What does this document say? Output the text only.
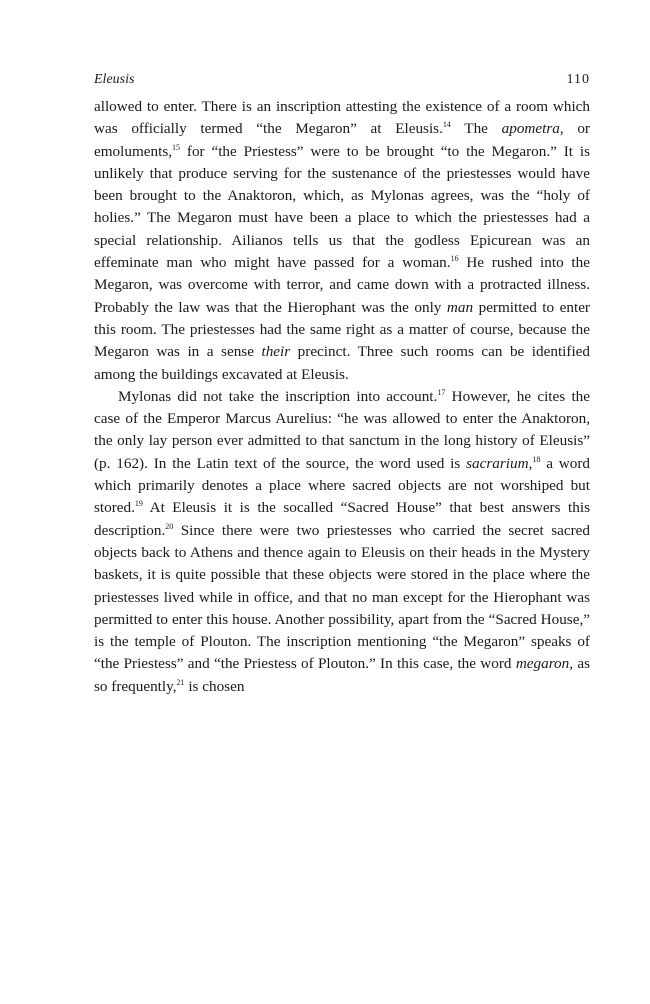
Eleusis	110

allowed to enter. There is an inscription attesting the existence of a room which was officially termed “the Megaron” at Eleusis.$^{14}$ The apometra, or emoluments,$^{15}$ for “the Priestess” were to be brought “to the Megaron.” It is unlikely that produce serving for the sustenance of the priestesses would have been brought to the Anaktoron, which, as Mylonas agrees, was the “holy of holies.” The Megaron must have been a place to which the priestesses had a special relationship. Ailianos tells us that the godless Epicurean was an effeminate man who might have passed for a woman.$^{16}$ He rushed into the Megaron, was overcome with terror, and came down with a protracted illness. Probably the law was that the Hierophant was the only man permitted to enter this room. The priestesses had the same right as a matter of course, because the Megaron was in a sense their precinct. Three such rooms can be identified among the buildings excavated at Eleusis.

Mylonas did not take the inscription into account.$^{17}$ However, he cites the case of the Emperor Marcus Aurelius: “he was allowed to enter the Anaktoron, the only lay person ever admitted to that sanctum in the long history of Eleusis” (p. 162). In the Latin text of the source, the word used is sacrarium,$^{18}$ a word which primarily denotes a place where sacred objects are not worshiped but stored.$^{19}$ At Eleusis it is the socalled “Sacred House” that best answers this description.$^{20}$ Since there were two priestesses who carried the secret sacred objects back to Athens and thence again to Eleusis on their heads in the Mystery baskets, it is quite possible that these objects were stored in the place where the priestesses lived while in office, and that no man except for the Hierophant was permitted to enter this house. Another possibility, apart from the “Sacred House,” is the temple of Plouton. The inscription mentioning “the Megaron” speaks of “the Priestess” and “the Priestess of Plouton.” In this case, the word megaron, as so frequently,$^{21}$ is chosen
